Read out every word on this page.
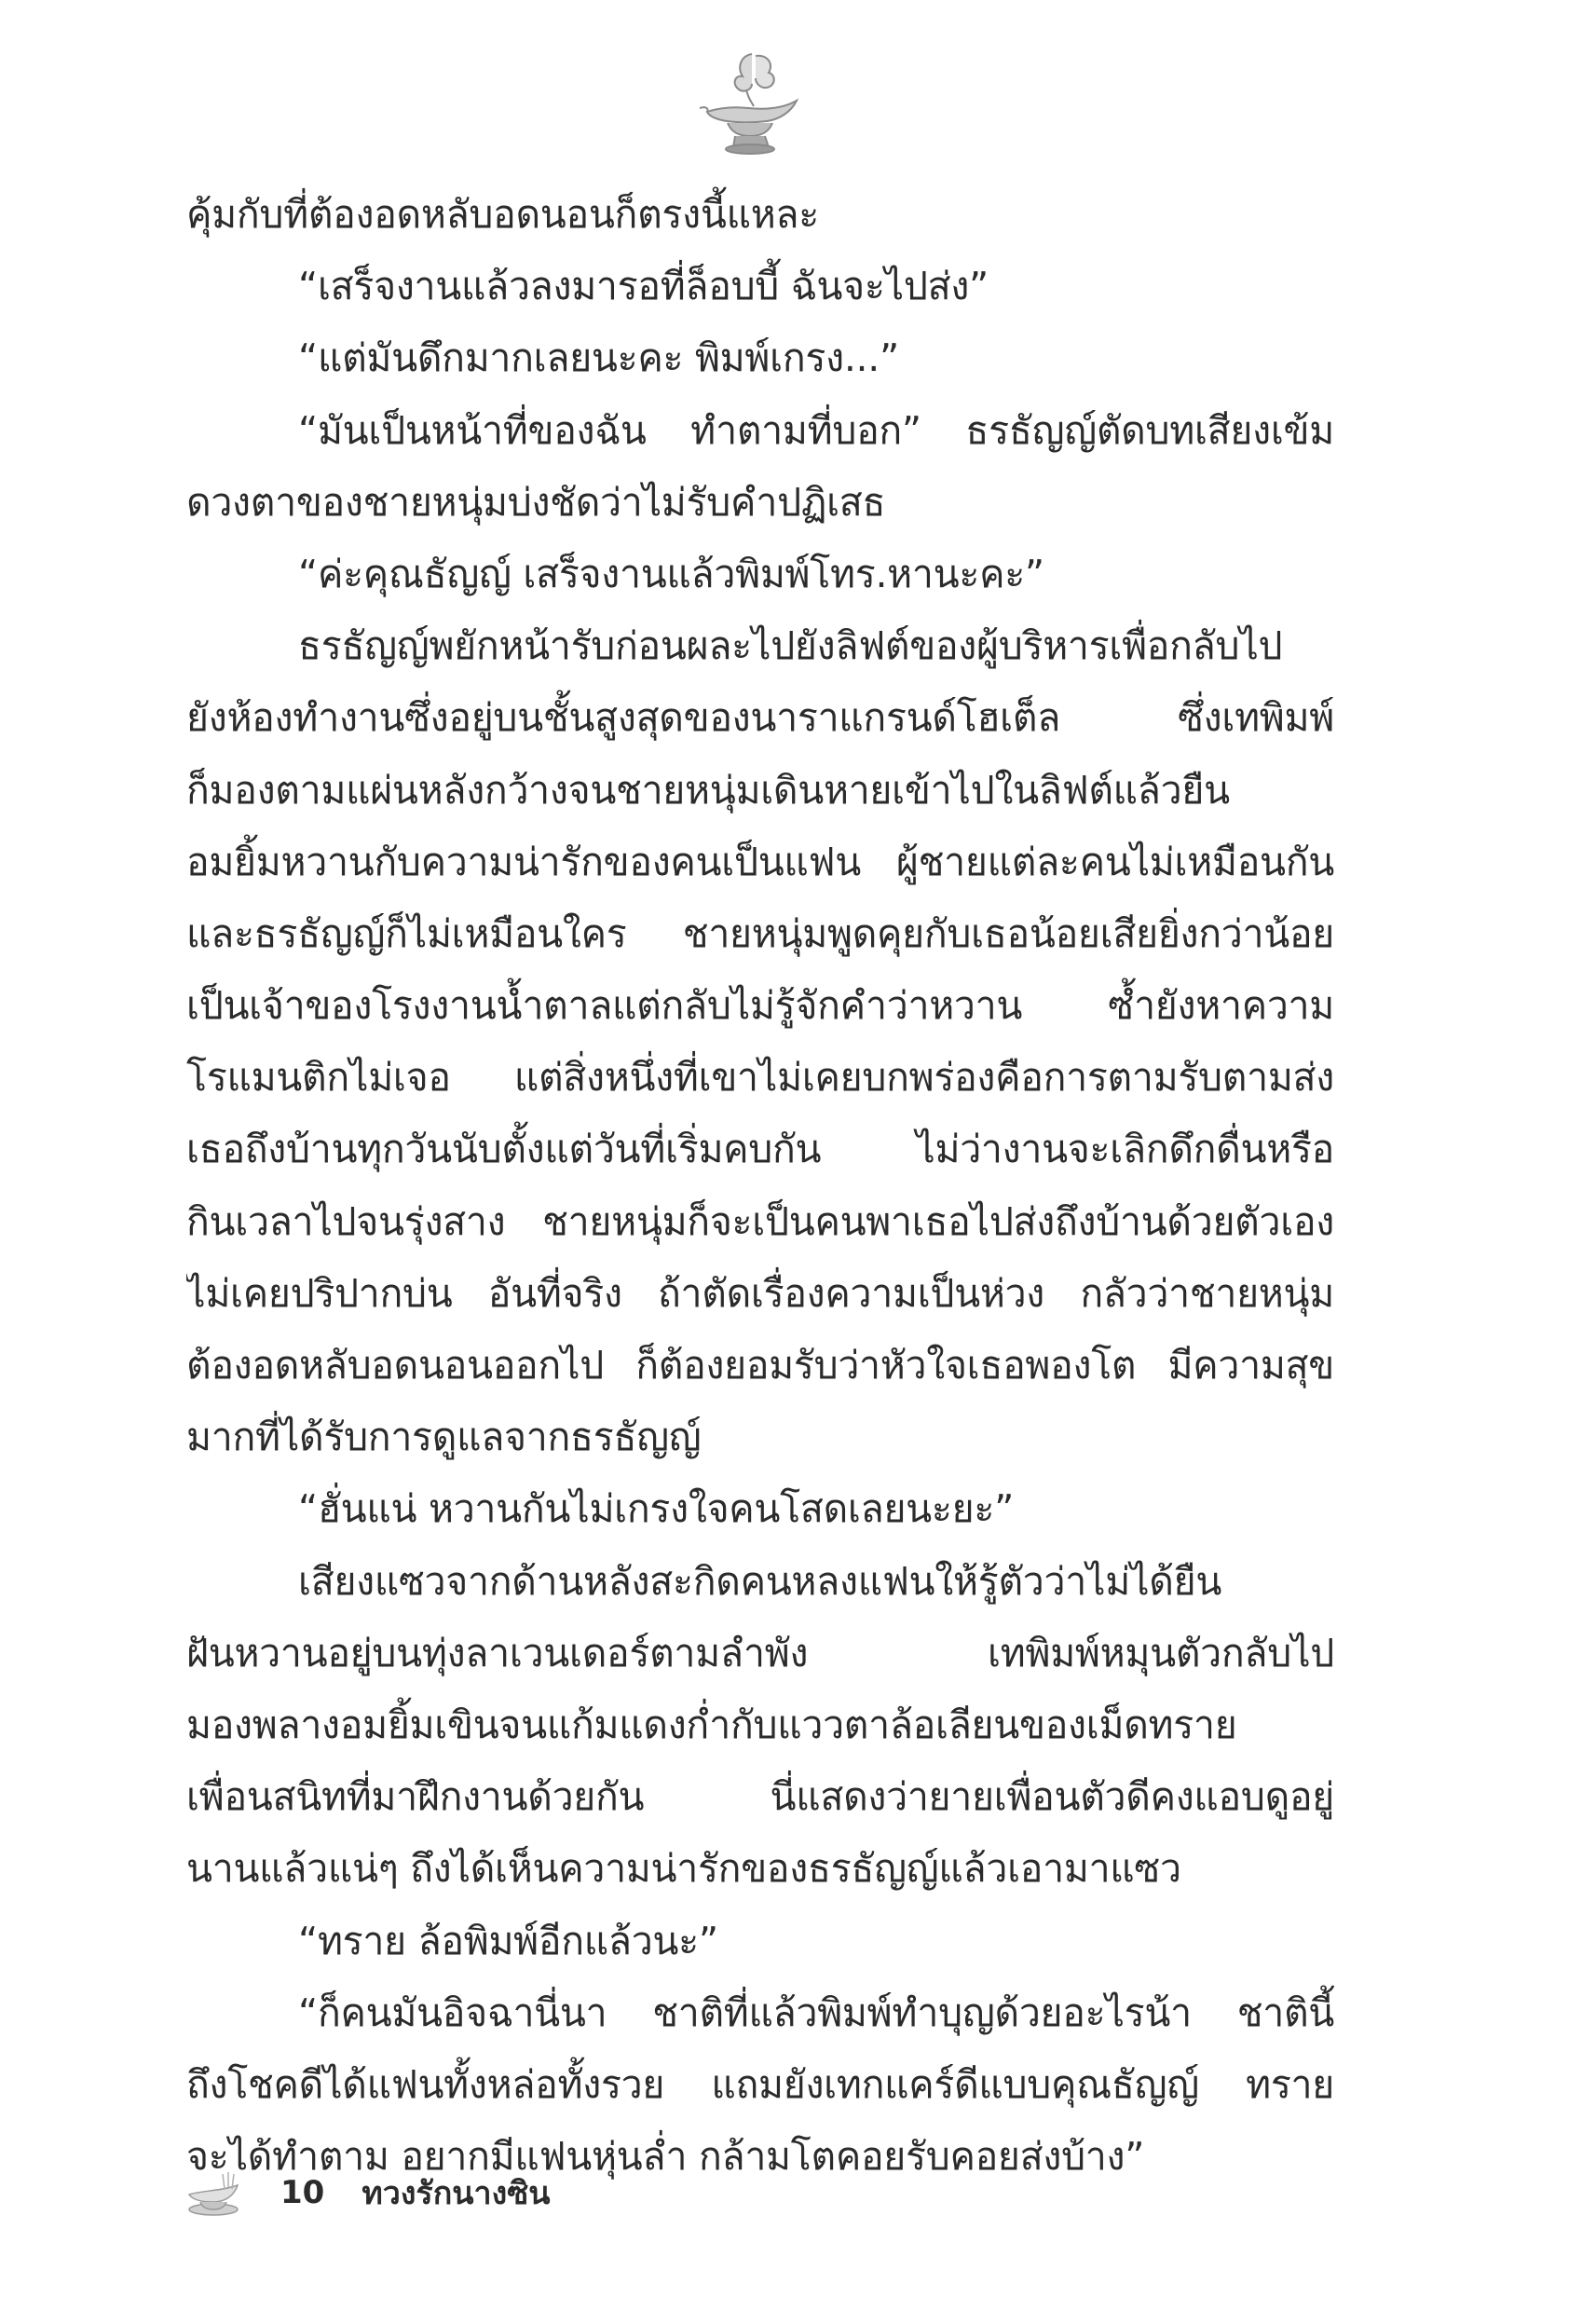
คุ้มกับที่ต้องอดหลับอดนอนก็ตรงนี้แหละ
“เสร็จงานแล้วลงมารอที่ล็อบบี้ ฉันจะไปส่ง”
“แต่มันดึกมากเลยนะคะ พิมพ์เกรง...”
“มันเป็นหน้าที่ของฉัน ทำตามที่บอก” ธรธัญญ์ตัดบทเสียงเข้ม
ดวงตาของชายหนุ่มบ่งชัดว่าไม่รับคำปฏิเสธ
“ค่ะคุณธัญญ์ เสร็จงานแล้วพิมพ์โทร.หานะคะ”
ธรธัญญ์พยักหน้ารับก่อนผละไปยังลิฟต์ของผู้บริหารเพื่อกลับไป
ยังห้องทำงานซึ่งอยู่บนชั้นสูงสุดของนาราแกรนด์โฮเต็ล ซึ่งเทพิมพ์
ก็มองตามแผ่นหลังกว้างจนชายหนุ่มเดินหายเข้าไปในลิฟต์แล้วยืน
อมยิ้มหวานกับความน่ารักของคนเป็นแฟน ผู้ชายแต่ละคนไม่เหมือนกัน
และธรธัญญ์ก็ไม่เหมือนใคร ชายหนุ่มพูดคุยกับเธอน้อยเสียยิ่งกว่าน้อย
เป็นเจ้าของโรงงานน้ำตาลแต่กลับไม่รู้จักคำว่าหวาน ซ้ำยังหาความ
โรแมนติกไม่เจอ แต่สิ่งหนึ่งที่เขาไม่เคยบกพร่องคือการตามรับตามส่ง
เธอถึงบ้านทุกวันนับตั้งแต่วันที่เริ่มคบกัน ไม่ว่างานจะเลิกดึกดื่นหรือ
กินเวลาไปจนรุ่งสาง ชายหนุ่มก็จะเป็นคนพาเธอไปส่งถึงบ้านด้วยตัวเอง
ไม่เคยปริปากบ่น อันที่จริง ถ้าตัดเรื่องความเป็นห่วง กลัวว่าชายหนุ่ม
ต้องอดหลับอดนอนออกไป ก็ต้องยอมรับว่าหัวใจเธอพองโต มีความสุข
มากที่ได้รับการดูแลจากธรธัญญ์
“ฮั่นแน่ หวานกันไม่เกรงใจคนโสดเลยนะยะ”
เสียงแซวจากด้านหลังสะกิดคนหลงแฟนให้รู้ตัวว่าไม่ได้ยืน
ฝันหวานอยู่บนทุ่งลาเวนเดอร์ตามลำพัง เทพิมพ์หมุนตัวกลับไป
มองพลางอมยิ้มเขินจนแก้มแดงก่ำกับแววตาล้อเลียนของเม็ดทราย
เพื่อนสนิทที่มาฝึกงานด้วยกัน นี่แสดงว่ายายเพื่อนตัวดีคงแอบดูอยู่
นานแล้วแน่ๆ ถึงได้เห็นความน่ารักของธรธัญญ์แล้วเอามาแซว
“ทราย ล้อพิมพ์อีกแล้วนะ”
“ก็คนมันอิจฉานี่นา ชาติที่แล้วพิมพ์ทำบุญด้วยอะไรน้า ชาตินี้
ถึงโชคดีได้แฟนทั้งหล่อทั้งรวย แถมยังเทกแคร์ดีแบบคุณธัญญ์ ทราย
จะได้ทำตาม อยากมีแฟนหุ่นล่ำ กล้ามโตคอยรับคอยส่งบ้าง”
10 ทวงรักนางซิน
